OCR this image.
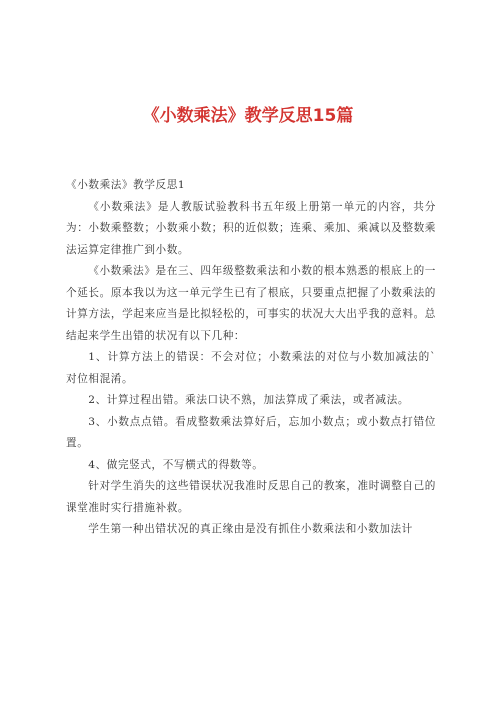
《小数乘法》教学反思15篇

《小数乘法》教学反思1

《小数乘法》是人教版试验教科书五年级上册第一单元的内容，共分为：小数乘整数；小数乘小数；积的近似数；连乘、乘加、乘减以及整数乘法运算定律推广到小数。

《小数乘法》是在三、四年级整数乘法和小数的根本熟悉的根底上的一个延长。原本我以为这一单元学生已有了根底，只要重点把握了小数乘法的计算方法，学起来应当是比拟轻松的，可事实的状况大大出乎我的意料。总结起来学生出错的状况有以下几种：

1、计算方法上的错误：不会对位；小数乘法的对位与小数加减法的`对位相混淆。

2、计算过程出错。乘法口诀不熟，加法算成了乘法，或者减法。

3、小数点点错。看成整数乘法算好后，忘加小数点；或小数点打错位置。

4、做完竖式，不写横式的得数等。

针对学生消失的这些错误状况我准时反思自己的教案，准时调整自己的课堂准时实行措施补救。

学生第一种出错状况的真正缘由是没有抓住小数乘法和小数加法计
